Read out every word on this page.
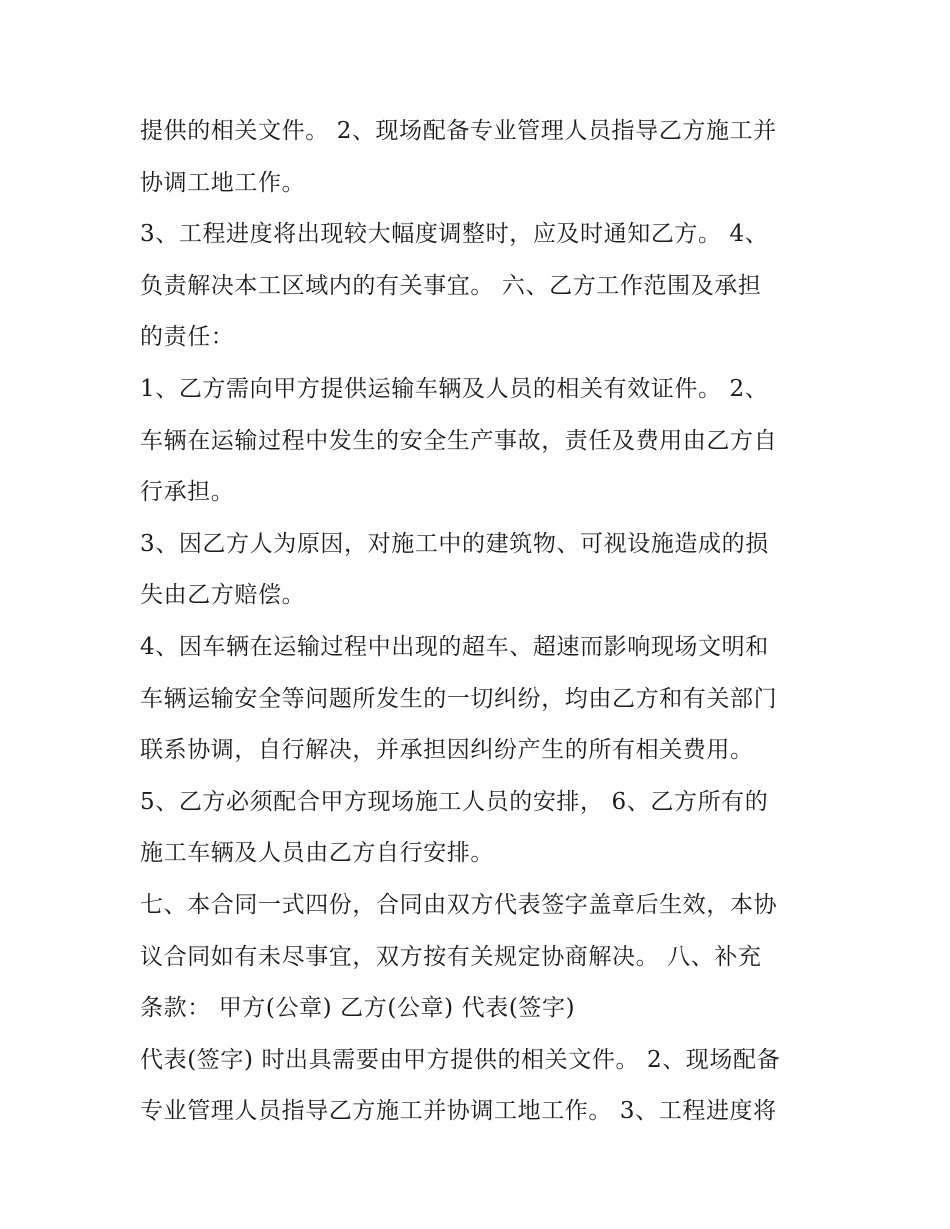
提供的相关文件。 2、现场配备专业管理人员指导乙方施工并
协调工地工作。
3、工程进度将出现较大幅度调整时，应及时通知乙方。 4、
负责解决本工区域内的有关事宜。 六、乙方工作范围及承担
的责任：
1、乙方需向甲方提供运输车辆及人员的相关有效证件。 2、
车辆在运输过程中发生的安全生产事故，责任及费用由乙方自
行承担。
3、因乙方人为原因，对施工中的建筑物、可视设施造成的损
失由乙方赔偿。
4、因车辆在运输过程中出现的超车、超速而影响现场文明和
车辆运输安全等问题所发生的一切纠纷，均由乙方和有关部门
联系协调，自行解决，并承担因纠纷产生的所有相关费用。
5、乙方必须配合甲方现场施工人员的安排， 6、乙方所有的
施工车辆及人员由乙方自行安排。
七、本合同一式四份，合同由双方代表签字盖章后生效，本协
议合同如有未尽事宜，双方按有关规定协商解决。 八、补充
条款： 甲方(公章) 乙方(公章) 代表(签字)
代表(签字) 时出具需要由甲方提供的相关文件。 2、现场配备
专业管理人员指导乙方施工并协调工地工作。 3、工程进度将
